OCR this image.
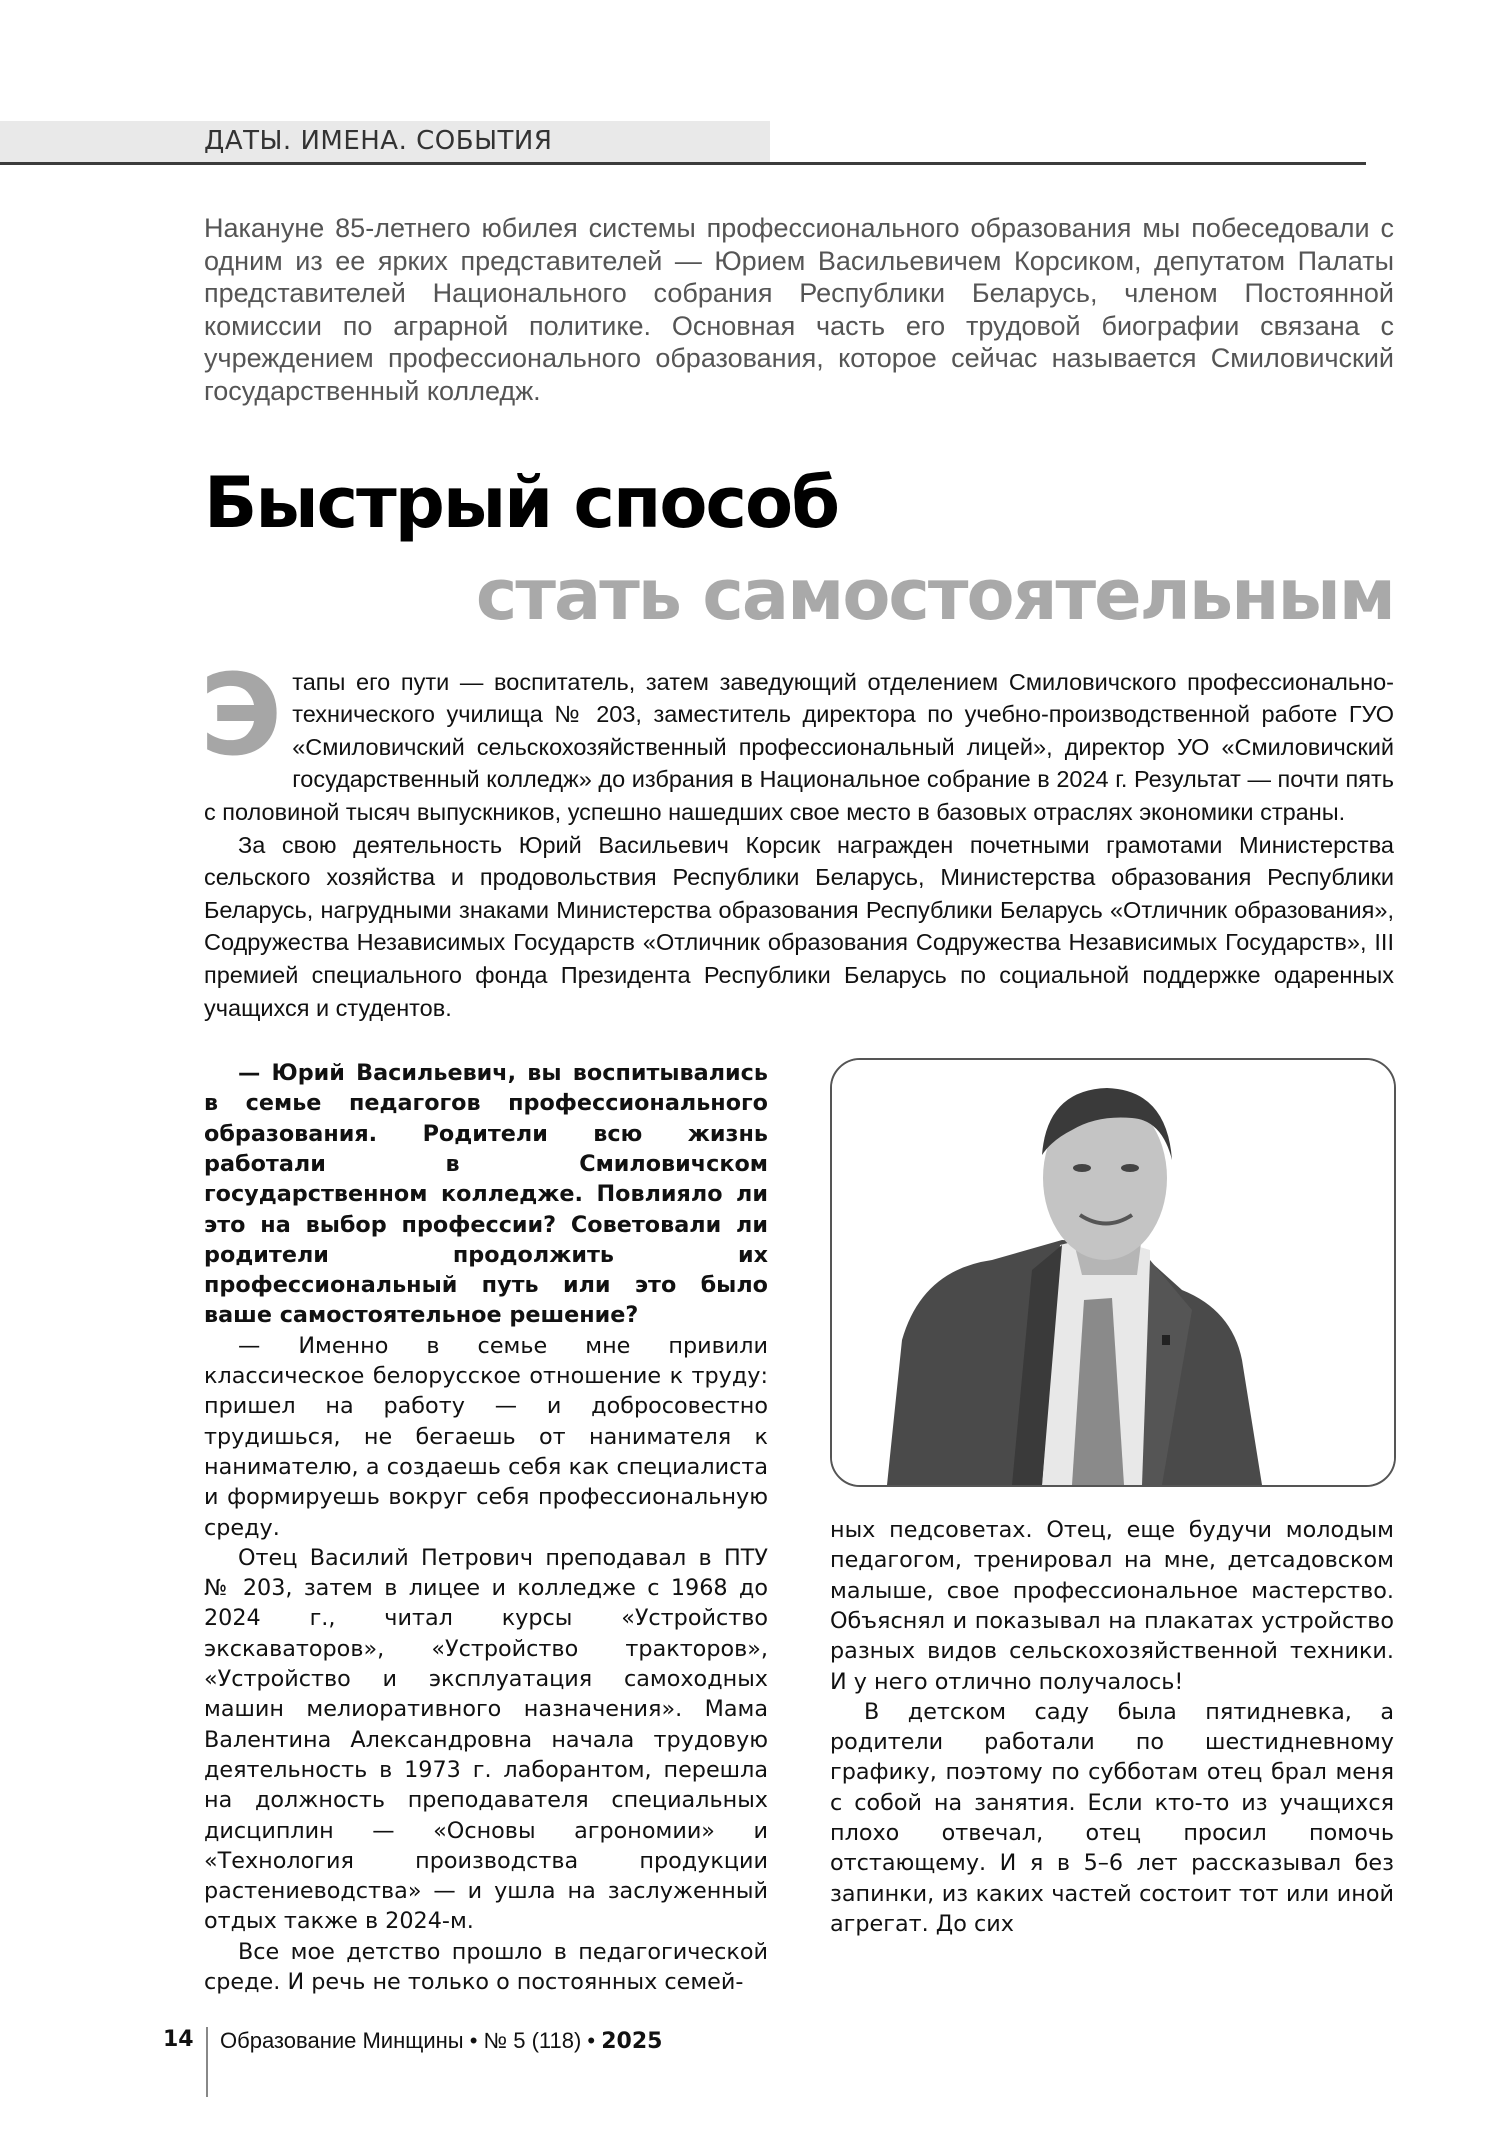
ДАТЫ. ИМЕНА. СОБЫТИЯ

Накануне 85-летнего юбилея системы профессионального образования мы побеседовали с одним из ее ярких представителей — Юрием Васильевичем Корсиком, депутатом Палаты представителей Национального собрания Республики Беларусь, членом Постоянной комиссии по аграрной политике. Основная часть его трудовой биографии связана с учреждением профессионального образования, которое сейчас называется Смиловичский государственный колледж.

Быстрый способ
стать самостоятельным

Этапы его пути — воспитатель, затем заведующий отделением Смиловичского профессионально-технического училища № 203, заместитель директора по учебно-производственной работе ГУО «Смиловичский сельскохозяйственный профессиональный лицей», директор УО «Смиловичский государственный колледж» до избрания в Национальное собрание в 2024 г. Результат — почти пять с половиной тысяч выпускников, успешно нашедших свое место в базовых отраслях экономики страны.

За свою деятельность Юрий Васильевич Корсик награжден почетными грамотами Министерства сельского хозяйства и продовольствия Республики Беларусь, Министерства образования Республики Беларусь, нагрудными знаками Министерства образования Республики Беларусь «Отличник образования», Содружества Независимых Государств «Отличник образования Содружества Независимых Государств», III премией специального фонда Президента Республики Беларусь по социальной поддержке одаренных учащихся и студентов.

— Юрий Васильевич, вы воспитывались в семье педагогов профессионального образования. Родители всю жизнь работали в Смиловичском государственном колледже. Повлияло ли это на выбор профессии? Советовали ли родители продолжить их профессиональный путь или это было ваше самостоятельное решение?

— Именно в семье мне привили классическое белорусское отношение к труду: пришел на работу — и добросовестно трудишься, не бегаешь от нанимателя к нанимателю, а создаешь себя как специалиста и формируешь вокруг себя профессиональную среду.

Отец Василий Петрович преподавал в ПТУ № 203, затем в лицее и колледже с 1968 до 2024 г., читал курсы «Устройство экскаваторов», «Устройство тракторов», «Устройство и эксплуатация самоходных машин мелиоративного назначения». Мама Валентина Александровна начала трудовую деятельность в 1973 г. лаборантом, перешла на должность преподавателя специальных дисциплин — «Основы агрономии» и «Технология производства продукции растениеводства» — и ушла на заслуженный отдых также в 2024-м.

Все мое детство прошло в педагогической среде. И речь не только о постоянных семей-

ных педсоветах. Отец, еще будучи молодым педагогом, тренировал на мне, детсадовском малыше, свое профессиональное мастерство. Объяснял и показывал на плакатах устройство разных видов сельскохозяйственной техники. И у него отлично получалось!

В детском саду была пятидневка, а родители работали по шестидневному графику, поэтому по субботам отец брал меня с собой на занятия. Если кто-то из учащихся плохо отвечал, отец просил помочь отстающему. И я в 5–6 лет рассказывал без запинки, из каких частей состоит тот или иной агрегат. До сих

14 Образование Минщины • № 5 (118) • 2025
